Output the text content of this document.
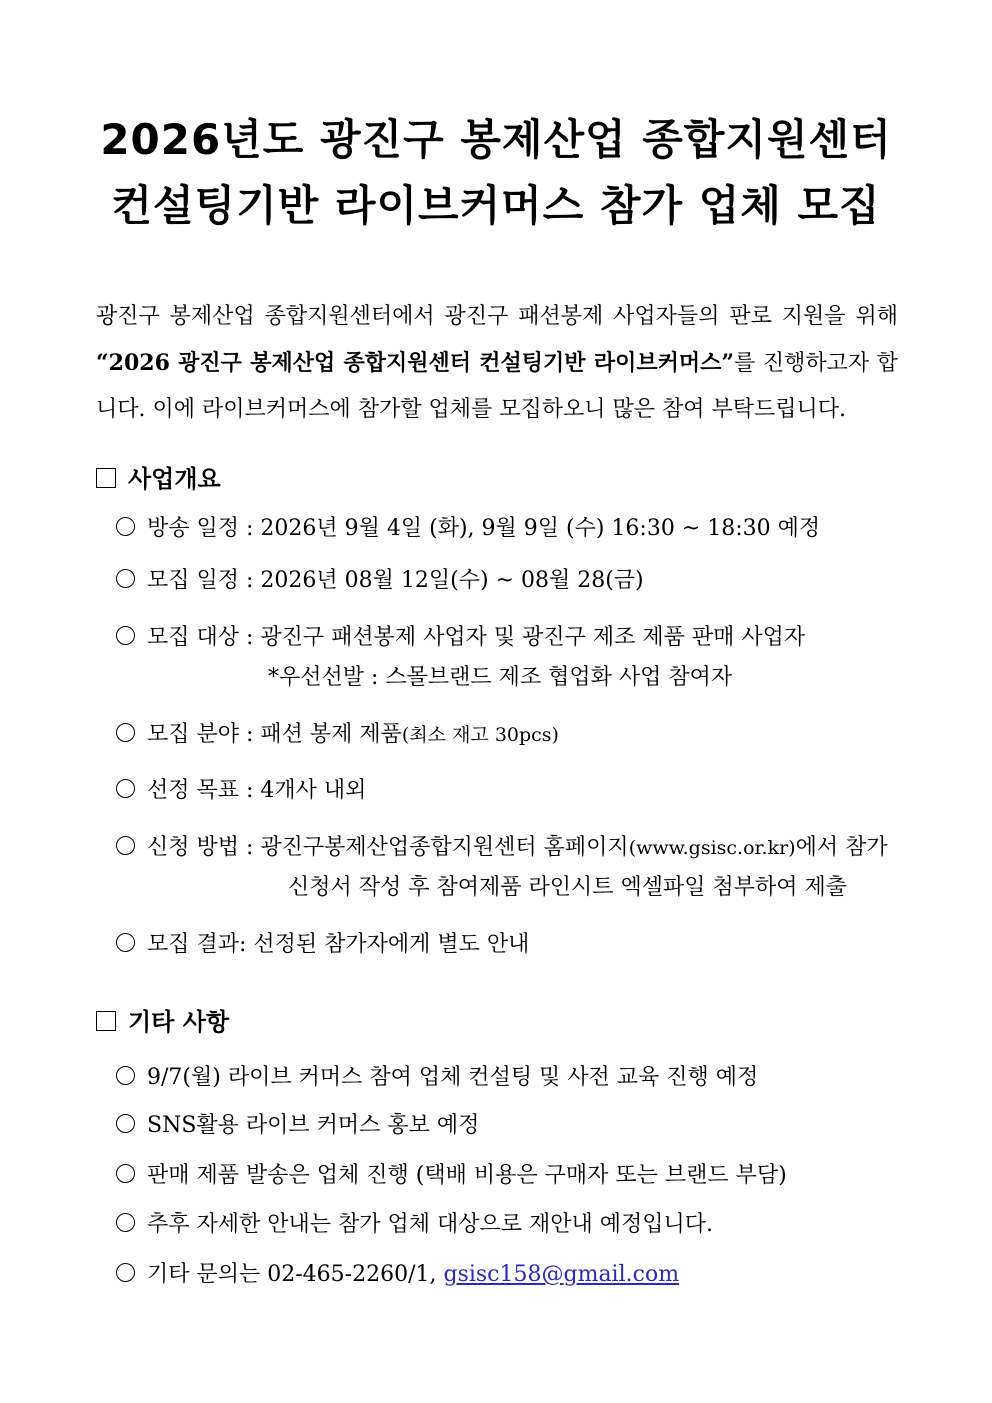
2026년도 광진구 봉제산업 종합지원센터
컨설팅기반 라이브커머스 참가 업체 모집
광진구 봉제산업 종합지원센터에서 광진구 패션봉제 사업자들의 판로 지원을 위해 “2026 광진구 봉제산업 종합지원센터 컨설팅기반 라이브커머스”를 진행하고자 합니다. 이에 라이브커머스에 참가할 업체를 모집하오니 많은 참여 부탁드립니다.
사업개요
방송 일정 : 2026년 9월 4일 (화), 9월 9일 (수) 16:30 ~ 18:30 예정
모집 일정 : 2026년 08월 12일(수) ~ 08월 28(금)
모집 대상 : 광진구 패션봉제 사업자 및 광진구 제조 제품 판매 사업자
*우선선발 : 스몰브랜드 제조 협업화 사업 참여자
모집 분야 : 패션 봉제 제품(최소 재고 30pcs)
선정 목표 : 4개사 내외
신청 방법 : 광진구봉제산업종합지원센터 홈페이지(www.gsisc.or.kr)에서 참가
신청서 작성 후 참여제품 라인시트 엑셀파일 첨부하여 제출
모집 결과: 선정된 참가자에게 별도 안내
기타 사항
9/7(월) 라이브 커머스 참여 업체 컨설팅 및 사전 교육 진행 예정
SNS활용 라이브 커머스 홍보 예정
판매 제품 발송은 업체 진행 (택배 비용은 구매자 또는 브랜드 부담)
추후 자세한 안내는 참가 업체 대상으로 재안내 예정입니다.
기타 문의는 02-465-2260/1, gsisc158@gmail.com
